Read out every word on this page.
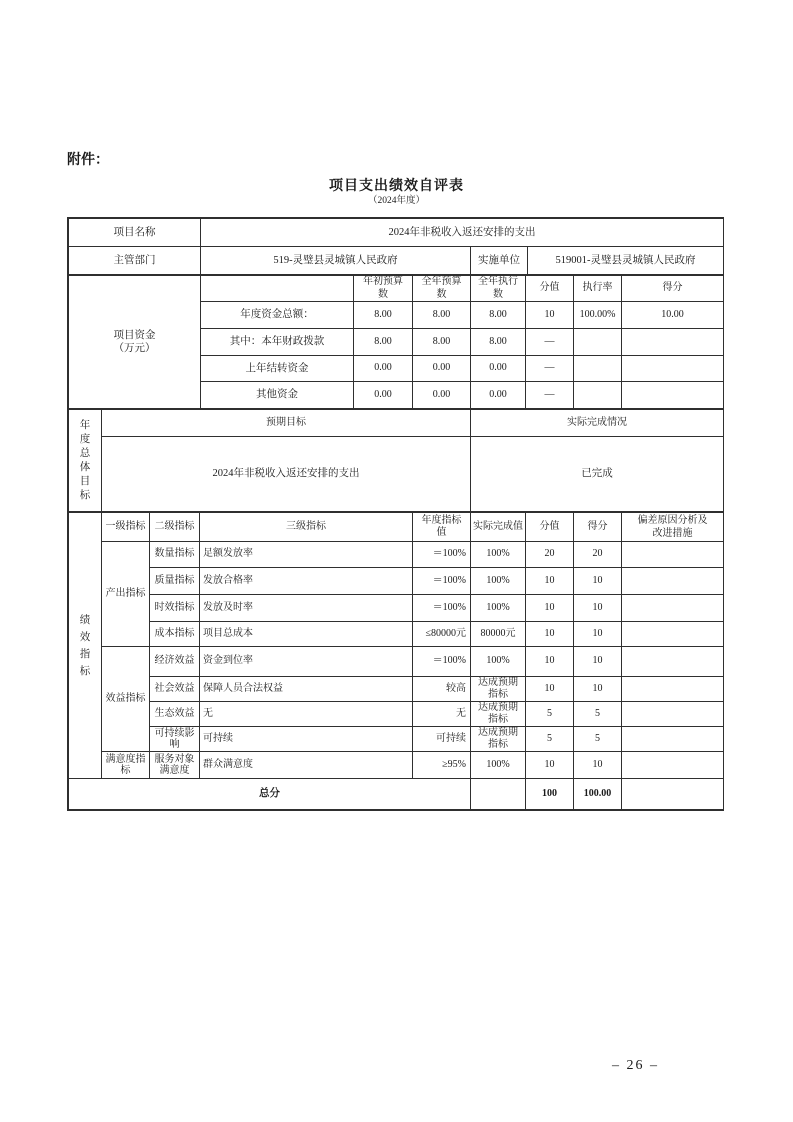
附件：
项目支出绩效自评表
（2024年度）
项目名称	2024年非税收入返还安排的支出		
主管部门	519-灵璧县灵城镇人民政府	实施单位	519001-灵璧县灵城镇人民政府
项目资金
（万元）		年初预算数	全年预算数	全年执行数	分值	执行率	得分
	年度资金总额：	8.00	8.00	8.00	10	100.00%	10.00
	其中：本年财政拨款	8.00	8.00	8.00	—		
	上年结转资金	0.00	0.00	0.00	—		
	其他资金	0.00	0.00	0.00	—		
年度总体目标	预期目标	实际完成情况
	2024年非税收入返还安排的支出	已完成
绩效指标	一级指标	二级指标	三级指标	年度指标值	实际完成值	分值	得分	偏差原因分析及改进措施
	产出指标	数量指标	足额发放率	＝100%	100%	20	20	
		质量指标	发放合格率	＝100%	100%	10	10	
		时效指标	发放及时率	＝100%	100%	10	10	
		成本指标	项目总成本	≤80000元	80000元	10	10	
	效益指标	经济效益	资金到位率	＝100%	100%	10	10	
		社会效益	保障人员合法权益	较高	达成预期指标	10	10	
		生态效益	无	无	达成预期指标	5	5	
		可持续影响	可持续	可持续	达成预期指标	5	5	
	满意度指标	服务对象满意度	群众满意度	≥95%	100%	10	10	
总分						100	100.00	
– 26 –
